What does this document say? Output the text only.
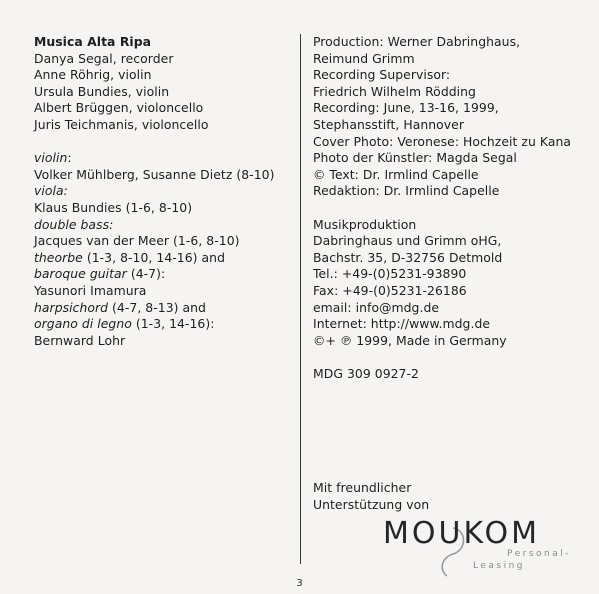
Musica Alta Ripa
Danya Segal, recorder
Anne Röhrig, violin
Ursula Bundies, violin
Albert Brüggen, violoncello
Juris Teichmanis, violoncello
violin:
Volker Mühlberg, Susanne Dietz (8-10)
viola:
Klaus Bundies (1-6, 8-10)
double bass:
Jacques van der Meer (1-6, 8-10)
theorbe (1-3, 8-10, 14-16) and
baroque guitar (4-7):
Yasunori Imamura
harpsichord (4-7, 8-13) and
organo di legno (1-3, 14-16):
Bernward Lohr
Production: Werner Dabringhaus,
Reimund Grimm
Recording Supervisor:
Friedrich Wilhelm Rödding
Recording: June, 13-16, 1999,
Stephansstift, Hannover
Cover Photo: Veronese: Hochzeit zu Kana
Photo der Künstler: Magda Segal
© Text: Dr. Irmlind Capelle
Redaktion: Dr. Irmlind Capelle
Musikproduktion
Dabringhaus und Grimm oHG,
Bachstr. 35, D-32756 Detmold
Tel.: +49-(0)5231-93890
Fax: +49-(0)5231-26186
email: info@mdg.de
Internet: http://www.mdg.de
©+ ℗ 1999, Made in Germany
MDG 309 0927-2
Mit freundlicher
Unterstützung von
MOUKOM
Personal-
Leasing
3
